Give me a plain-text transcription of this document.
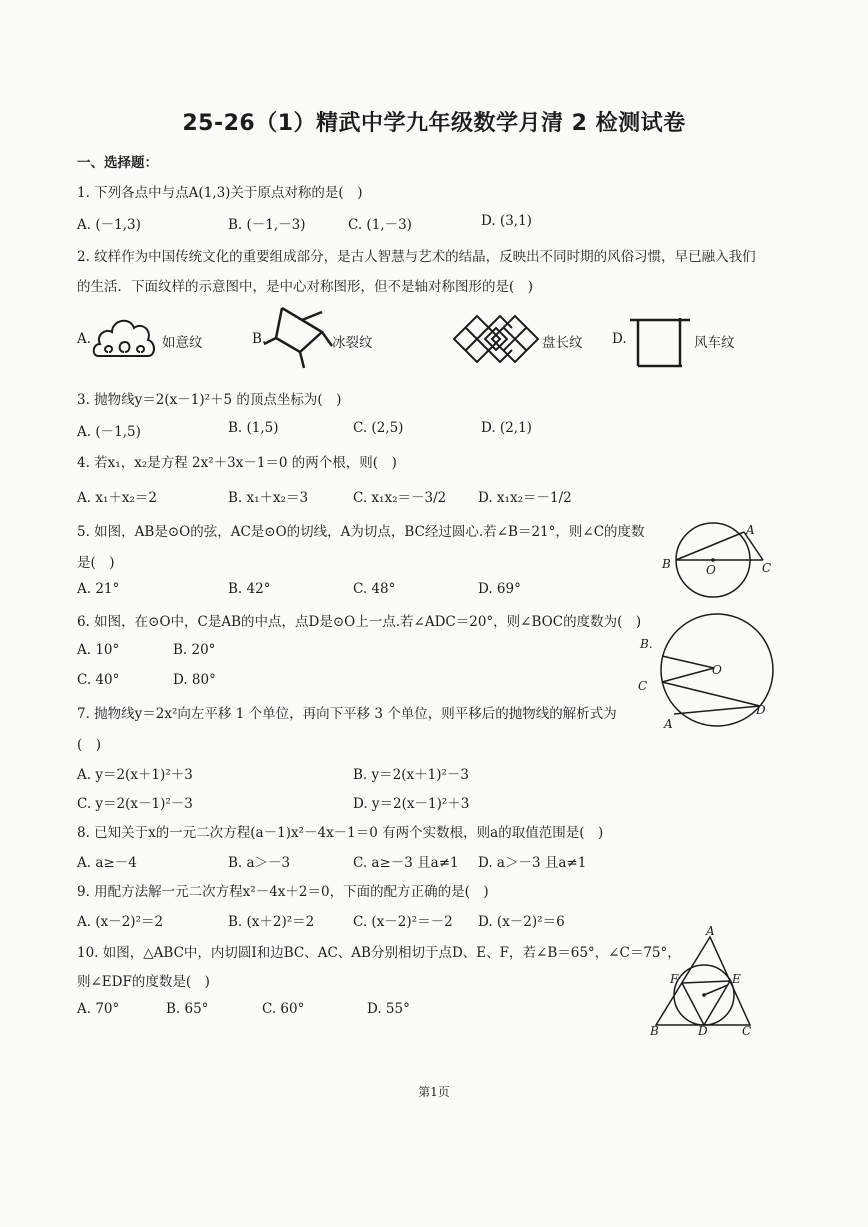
25-26（1）精武中学九年级数学月清 2 检测试卷
一、选择题：
1. 下列各点中与点A(1,3)关于原点对称的是(　)
A. (－1,3)	B. (－1,－3)	C. (1,－3)	D. (3,1)
2. 纹样作为中国传统文化的重要组成部分，是古人智慧与艺术的结晶，反映出不同时期的风俗习惯，早已融入我们
的生活．下面纹样的示意图中，是中心对称图形，但不是轴对称图形的是(　)
A.	如意纹	B.	冰裂纹	盘长纹 D.	风车纹
3. 抛物线y＝2(x－1)²＋5 的顶点坐标为(　)
A. (－1,5)	B. (1,5)	C. (2,5)	D. (2,1)
4. 若x₁，x₂是方程 2x²＋3x－1＝0 的两个根，则(　)
A. x₁＋x₂＝2	B. x₁＋x₂＝3	C. x₁x₂＝－3/2 D. x₁x₂＝－1/2
5. 如图，AB是⊙O的弦，AC是⊙O的切线，A为切点，BC经过圆心.若∠B＝21°，则∠C的度数
是(　)
A. 21°	B. 42°	C. 48°	D. 69°
A
B	O	C
6. 如图，在⊙O中，C是AB的中点，点D是⊙O上一点.若∠ADC＝20°，则∠BOC的度数为(　)
A. 10°	B. 20°
C. 40°	D. 80°
B.
O
C
D
A
7. 抛物线y＝2x²向左平移 1 个单位，再向下平移 3 个单位，则平移后的抛物线的解析式为
(　)
A. y＝2(x＋1)²＋3	B. y＝2(x＋1)²－3
C. y＝2(x－1)²－3	D. y＝2(x－1)²＋3
8. 已知关于x的一元二次方程(a－1)x²－4x－1＝0 有两个实数根，则a的取值范围是(　)
A. a≥－4	B. a＞－3	C. a≥－3 且a≠1 D. a＞－3 且a≠1
9. 用配方法解一元二次方程x²－4x＋2＝0，下面的配方正确的是(　)
A. (x－2)²＝2	B. (x＋2)²＝2	C. (x－2)²＝－2 D. (x－2)²＝6
10. 如图，△ABC中，内切圆I和边BC、AC、AB分别相切于点D、E、F，若∠B＝65°，∠C＝75°，
则∠EDF的度数是(　)
A. 70°	B. 65°	C. 60°	D. 55°
A
F	E
B	D	C
第1页
